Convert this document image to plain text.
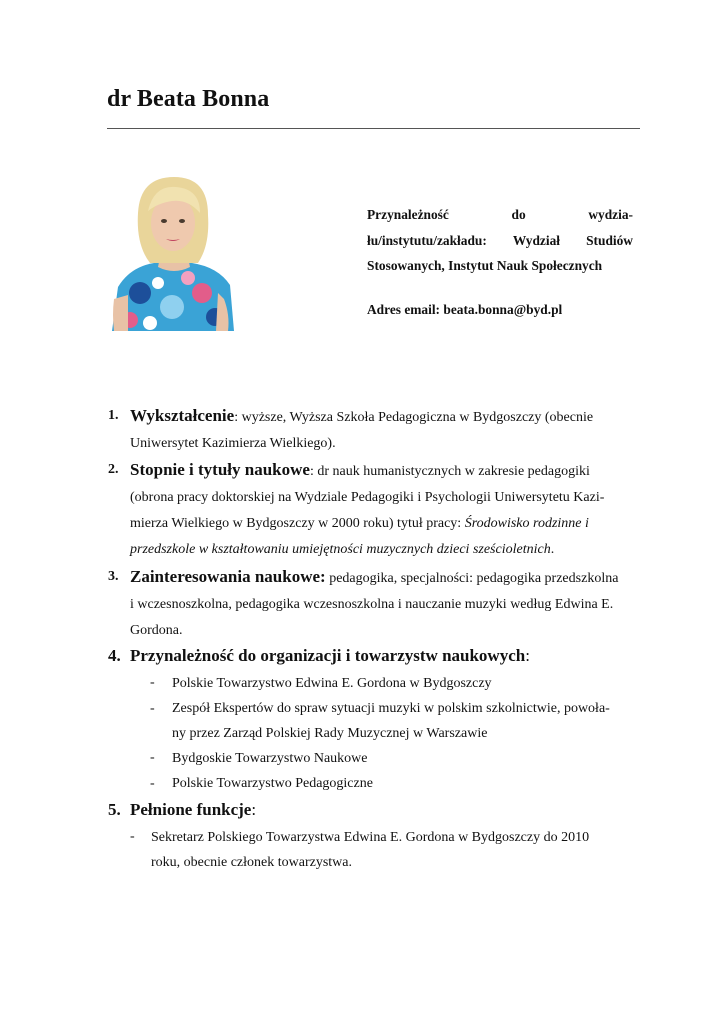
dr Beata Bonna
Przynależność	do	wydzia-
łu/instytutu/zakładu: Wydział Studiów
Stosowanych, Instytut Nauk Społecznych
Adres email: beata.bonna@byd.pl
1. Wykształcenie: wyższe, Wyższa Szkoła Pedagogiczna w Bydgoszczy (obecnie
Uniwersytet Kazimierza Wielkiego).
2. Stopnie i tytuły naukowe: dr nauk humanistycznych w zakresie pedagogiki
(obrona pracy doktorskiej na Wydziale Pedagogiki i Psychologii Uniwersytetu Kazi-
mierza Wielkiego w Bydgoszczy w 2000 roku) tytuł pracy: Środowisko rodzinne i
przedszkole w kształtowaniu umiejętności muzycznych dzieci sześcioletnich.
3. Zainteresowania naukowe: pedagogika, specjalności: pedagogika przedszkolna
i wczesnoszkolna, pedagogika wczesnoszkolna i nauczanie muzyki według Edwina E.
Gordona.
4. Przynależność do organizacji i towarzystw naukowych:
- Polskie Towarzystwo Edwina E. Gordona w Bydgoszczy
- Zespół Ekspertów do spraw sytuacji muzyki w polskim szkolnictwie, powoła-
ny przez Zarząd Polskiej Rady Muzycznej w Warszawie
- Bydgoskie Towarzystwo Naukowe
- Polskie Towarzystwo Pedagogiczne
5. Pełnione funkcje:
- Sekretarz Polskiego Towarzystwa Edwina E. Gordona w Bydgoszczy do 2010
roku, obecnie członek towarzystwa.
